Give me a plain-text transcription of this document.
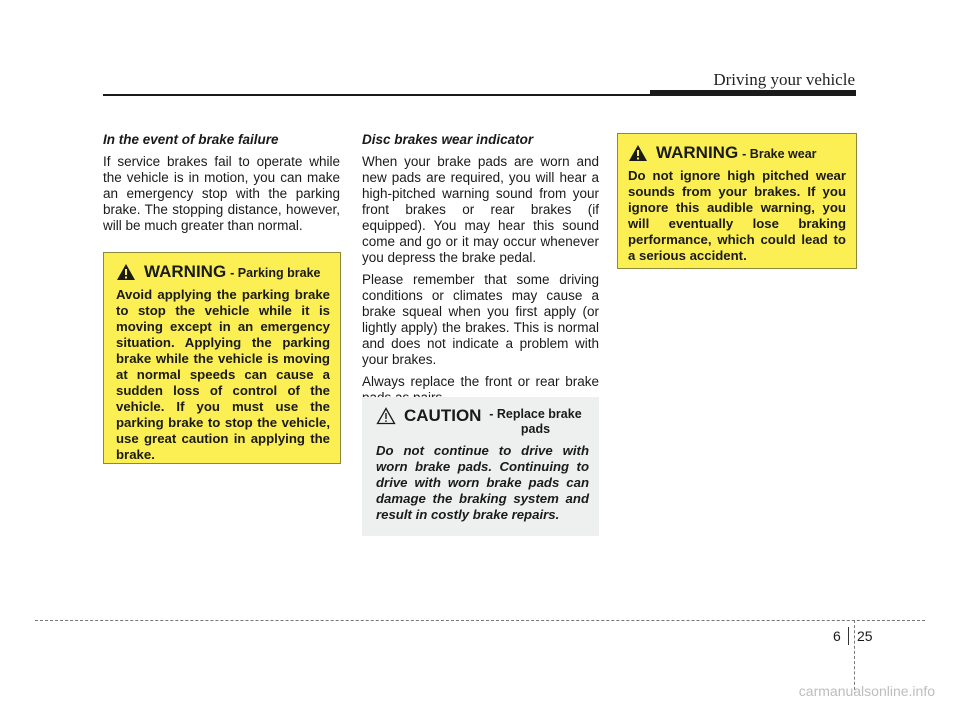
Driving your vehicle

In the event of brake failure

If service brakes fail to operate while the vehicle is in motion, you can make an emergency stop with the parking brake. The stopping distance, however, will be much greater than normal.

WARNING - Parking brake
Avoid applying the parking brake to stop the vehicle while it is moving except in an emergency situation. Applying the parking brake while the vehicle is moving at normal speeds can cause a sudden loss of control of the vehicle. If you must use the parking brake to stop the vehicle, use great caution in applying the brake.

Disc brakes wear indicator

When your brake pads are worn and new pads are required, you will hear a high-pitched warning sound from your front brakes or rear brakes (if equipped). You may hear this sound come and go or it may occur whenever you depress the brake pedal.

Please remember that some driving conditions or climates may cause a brake squeal when you first apply (or lightly apply) the brakes. This is normal and does not indicate a problem with your brakes.

Always replace the front or rear brake

CAUTION - Replace brake pads
Do not continue to drive with worn brake pads. Continuing to drive with worn brake pads can damage the braking system and result in costly brake repairs.
WARNING - Brake wear
Do not ignore high pitched wear sounds from your brakes. If you ignore this audible warning, you will eventually lose braking performance, which could lead to a serious accident.
6 25
carmanualsonline.info
